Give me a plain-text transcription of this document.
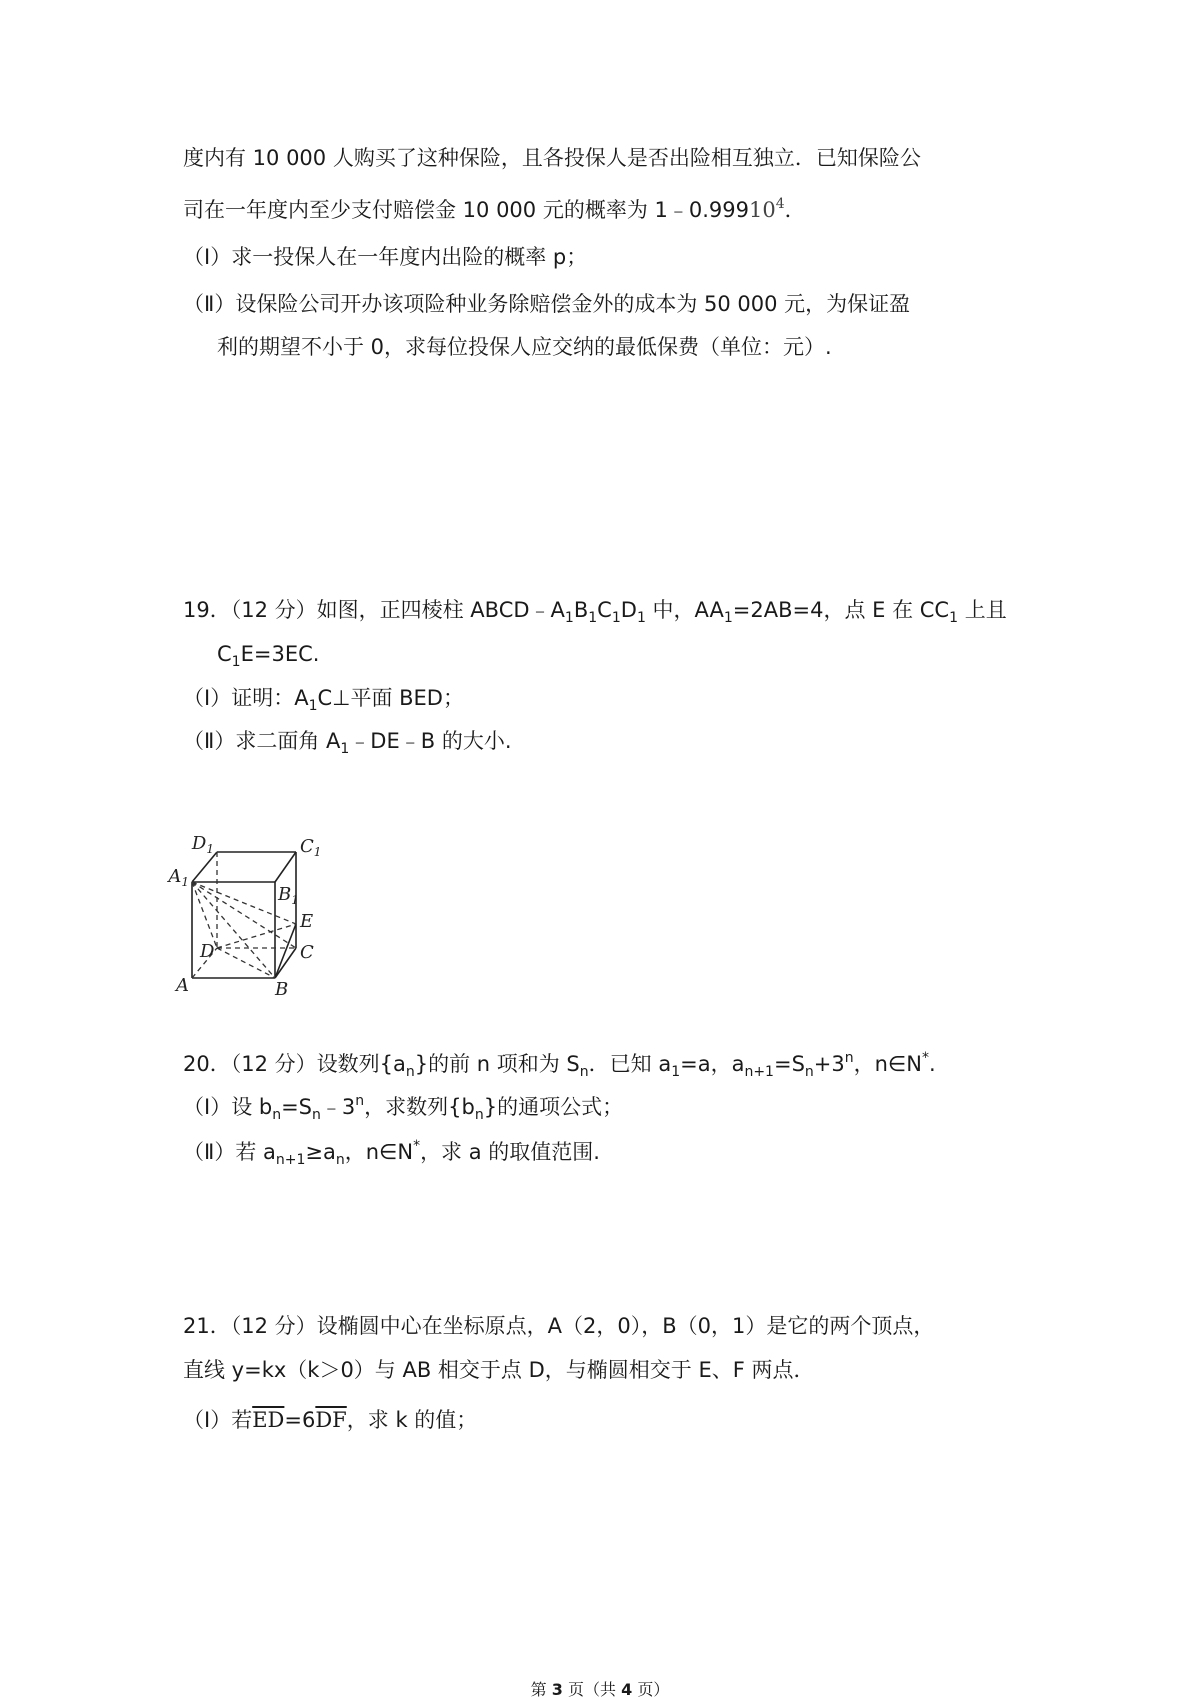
度内有 10 000 人购买了这种保险，且各投保人是否出险相互独立．已知保险公
司在一年度内至少支付赔偿金 10 000 元的概率为 1﹣0.99910$^4$．
（Ⅰ）求一投保人在一年度内出险的概率 p；
（Ⅱ）设保险公司开办该项险种业务除赔偿金外的成本为 50 000 元，为保证盈
利的期望不小于 0，求每位投保人应交纳的最低保费（单位：元）.
19．（12 分）如图，正四棱柱 $ABCD﹣A_1B_1C_1D_1$ 中，$AA_1=2AB=4$，点 E 在 $CC_1$ 上且
$C_1E=3EC$.
（Ⅰ）证明：$A_1C\perp$平面 BED；
（Ⅱ）求二面角 $A_1﹣DE﹣B$ 的大小.
$D_1$	$C_1$
$A_1$
$B_1$
E
D	C
A	B
20．（12 分）设数列$\{a_n\}$的前 n 项和为 $S_n$．已知 $a_1=a$，$a_{n+1}=S_n+3^n$，n∈N*.
（Ⅰ）设 $b_n=S_n﹣3^n$，求数列$\{b_n\}$的通项公式；
（Ⅱ）若 $a_{n+1}\ge a_n$，n∈N*，求 a 的取值范围.
21．（12 分）设椭圆中心在坐标原点，A（2，0），B（0，1）是它的两个顶点，
直线 y=kx（k＞0）与 AB 相交于点 D，与椭圆相交于 E、F 两点．
（Ⅰ）若$\overline{ED}=6\overline{DF}$，求 k 的值；
第 3 页（共 4 页）
